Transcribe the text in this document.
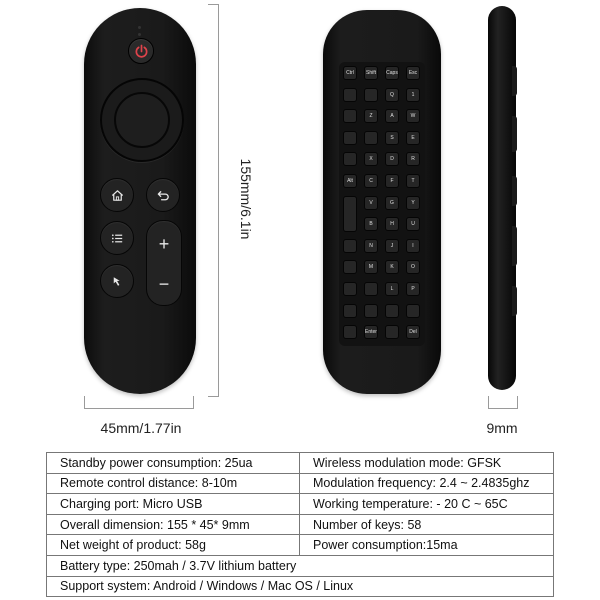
+
−
155mm/6.1in
45mm/1.77in
Ctrl	Shift	Caps	Esc
Q	1
Z	A	W
S	E
X	D	R
Alt	C	F	T
V	G	Y
B	H	U
N	J	I
M	K	O
L	P
Enter	Del
9mm
Standby power consumption: 25ua	Wireless modulation mode: GFSK
Remote control distance: 8-10m	Modulation frequency: 2.4 ~ 2.4835ghz
Charging port: Micro USB	Working temperature: - 20 C ~ 65C
Overall dimension: 155 * 45* 9mm	Number of keys: 58
Net weight of product: 58g	Power consumption:15ma
Battery type: 250mah / 3.7V lithium battery	
Support system: Android / Windows / Mac OS / Linux	
